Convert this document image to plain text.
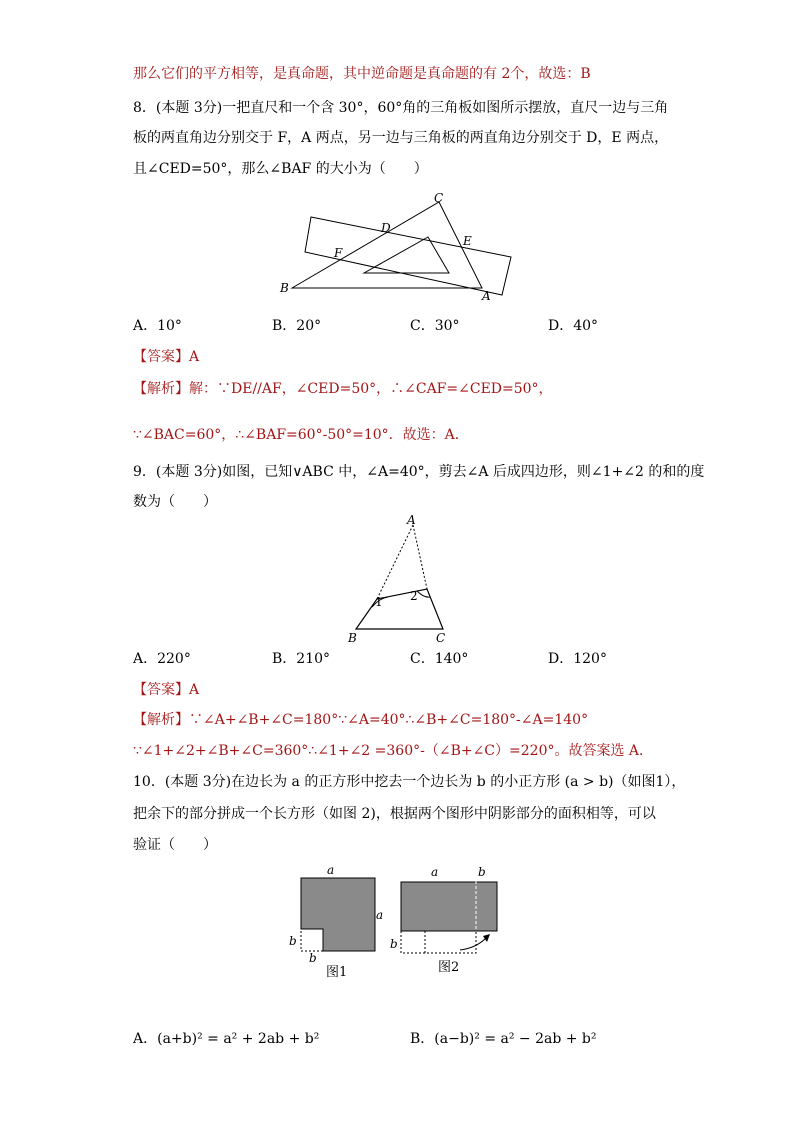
那么它们的平方相等，是真命题，其中逆命题是真命题的有 2个，故选：B
8．(本题 3分)一把直尺和一个含 30°，60°角的三角板如图所示摆放，直尺一边与三角
板的两直角边分别交于 F，A 两点，另一边与三角板的两直角边分别交于 D，E 两点，
且∠CED=50°，那么∠BAF 的大小为（　　）
C
D
E
F
B
A
A．10°	B．20°	C．30°	D．40°
【答案】A
【解析】解：∵DE//AF，∠CED=50°，∴∠CAF=∠CED=50°，
∵∠BAC=60°，∴∠BAF=60°-50°=10°．故选：A．
9．(本题 3分)如图，已知∨ABC 中，∠A=40°，剪去∠A 后成四边形，则∠1+∠2 的和的度
数为（　　）
A
1 2
B	C
A．220°	B．210°	C．140°	D．120°
【答案】A
【解析】∵∠A+∠B+∠C=180°∵∠A=40°∴∠B+∠C=180°-∠A=140°
∵∠1+∠2+∠B+∠C=360°∴∠1+∠2 =360°-（∠B+∠C）=220°。故答案选 A．
10．(本题 3分)在边长为 a 的正方形中挖去一个边长为 b 的小正方形 (a > b)（如图1），
把余下的部分拼成一个长方形（如图 2)，根据两个图形中阴影部分的面积相等，可以
验证（　　）
a
a
b
b
图1
a	b
b
图2
A．(a+b)² = a² + 2ab + b²	B．(a−b)² = a² − 2ab + b²
